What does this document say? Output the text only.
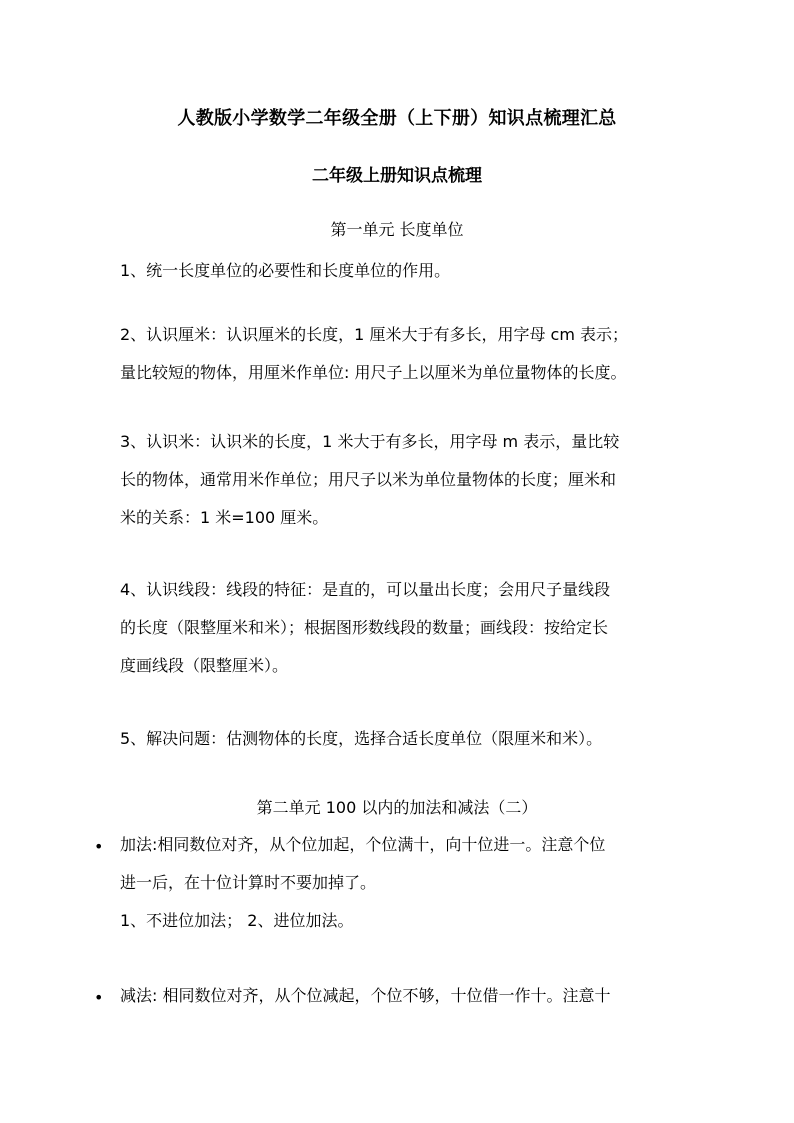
人教版小学数学二年级全册（上下册）知识点梳理汇总
二年级上册知识点梳理
第一单元 长度单位
1、统一长度单位的必要性和长度单位的作用。
2、认识厘米：认识厘米的长度，1 厘米大于有多长，用字母 cm 表示；
量比较短的物体，用厘米作单位: 用尺子上以厘米为单位量物体的长度。
3、认识米：认识米的长度，1 米大于有多长，用字母 m 表示，量比较
长的物体，通常用米作单位；用尺子以米为单位量物体的长度；厘米和
米的关系：1 米=100 厘米。
4、认识线段：线段的特征：是直的，可以量出长度；会用尺子量线段
的长度（限整厘米和米）；根据图形数线段的数量；画线段：按给定长
度画线段（限整厘米）。
5、解决问题：估测物体的长度，选择合适长度单位（限厘米和米）。
第二单元 100 以内的加法和减法（二）
• 加法:相同数位对齐，从个位加起，个位满十，向十位进一。注意个位
进一后，在十位计算时不要加掉了。
1、不进位加法； 2、进位加法。
• 减法: 相同数位对齐，从个位减起，个位不够，十位借一作十。注意十
